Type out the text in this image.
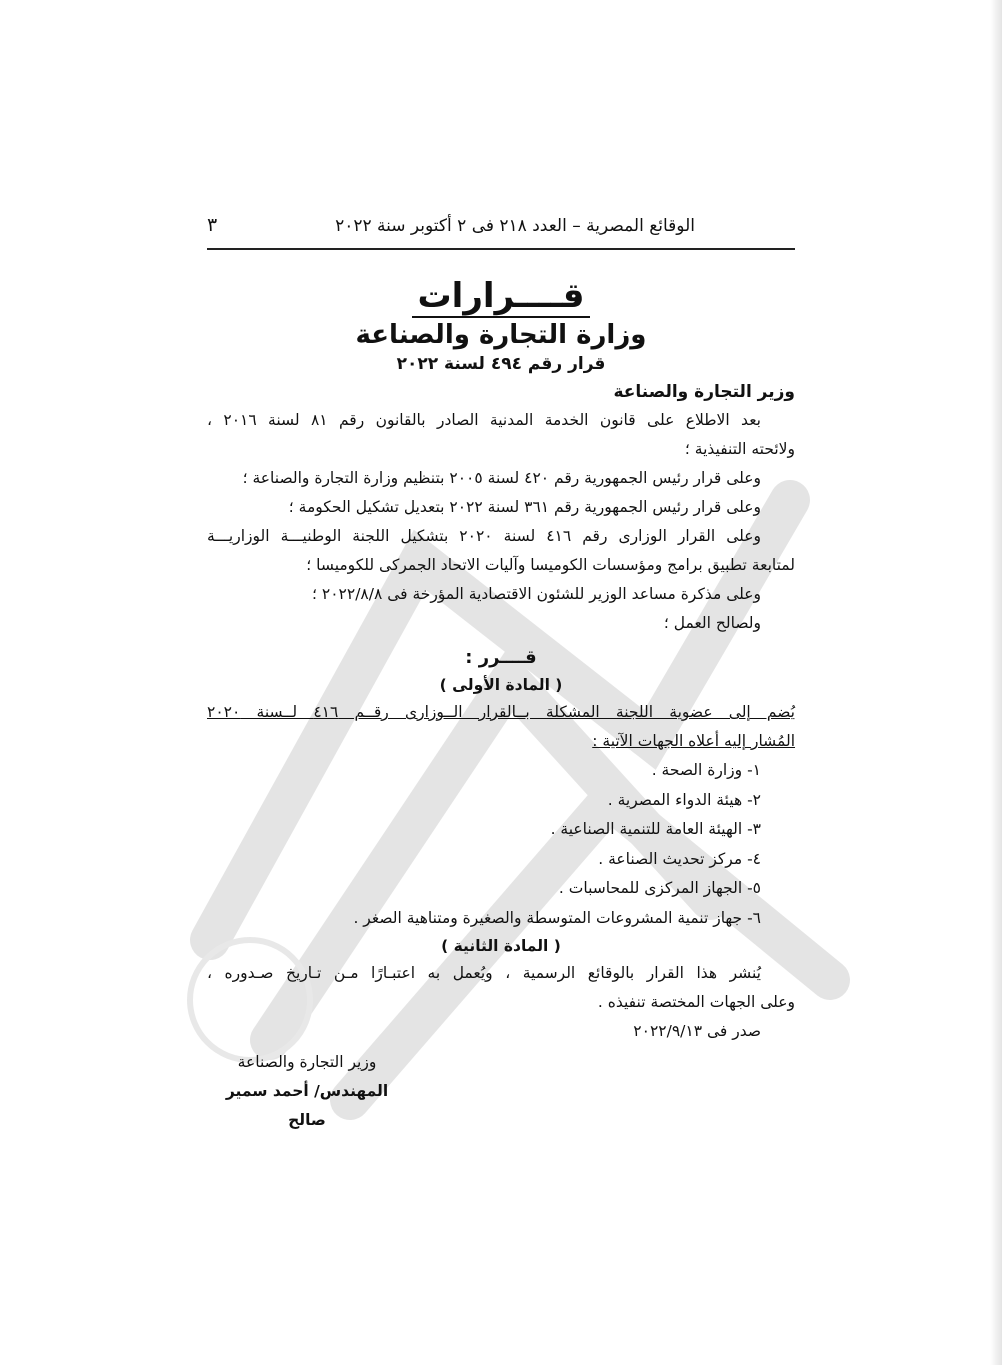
الوقائع المصرية – العدد ٢١٨ فى ٢ أكتوبر سنة ٢٠٢٢
٣
قــــرارات
وزارة التجارة والصناعة
قرار رقم ٤٩٤ لسنة ٢٠٢٢
وزير التجارة والصناعة
بعد الاطلاع على قانون الخدمة المدنية الصادر بالقانون رقم ٨١ لسنة ٢٠١٦ ،
ولائحته التنفيذية ؛
وعلى قرار رئيس الجمهورية رقم ٤٢٠ لسنة ٢٠٠٥ بتنظيم وزارة التجارة والصناعة ؛
وعلى قرار رئيس الجمهورية رقم ٣٦١ لسنة ٢٠٢٢ بتعديل تشكيل الحكومة ؛
وعلى القرار الوزارى رقم ٤١٦ لسنة ٢٠٢٠ بتشكيل اللجنة الوطنيـــة الوزاريـــة
لمتابعة تطبيق برامج ومؤسسات الكوميسا وآليات الاتحاد الجمركى للكوميسا ؛
وعلى مذكرة مساعد الوزير للشئون الاقتصادية المؤرخة فى ٢٠٢٢/٨/٨ ؛
ولصالح العمل ؛
قــــرر :
( المادة الأولى )
يُضم إلى عضوية اللجنة المشكلة بــالقرار الــوزارى رقــم ٤١٦ لــسنة ٢٠٢٠
المُشار إليه أعلاه الجهات الآتية :
١- وزارة الصحة .
٢- هيئة الدواء المصرية .
٣- الهيئة العامة للتنمية الصناعية .
٤- مركز تحديث الصناعة .
٥- الجهاز المركزى للمحاسبات .
٦- جهاز تنمية المشروعات المتوسطة والصغيرة ومتناهية الصغر .
( المادة الثانية )
يُنشر هذا القرار بالوقائع الرسمية ، ويُعمل به اعتبـارًا مـن تـاريخ صـدوره ،
وعلى الجهات المختصة تنفيذه .
صدر فى ٢٠٢٢/٩/١٣
وزير التجارة والصناعة
المهندس/ أحمد سمير صالح
